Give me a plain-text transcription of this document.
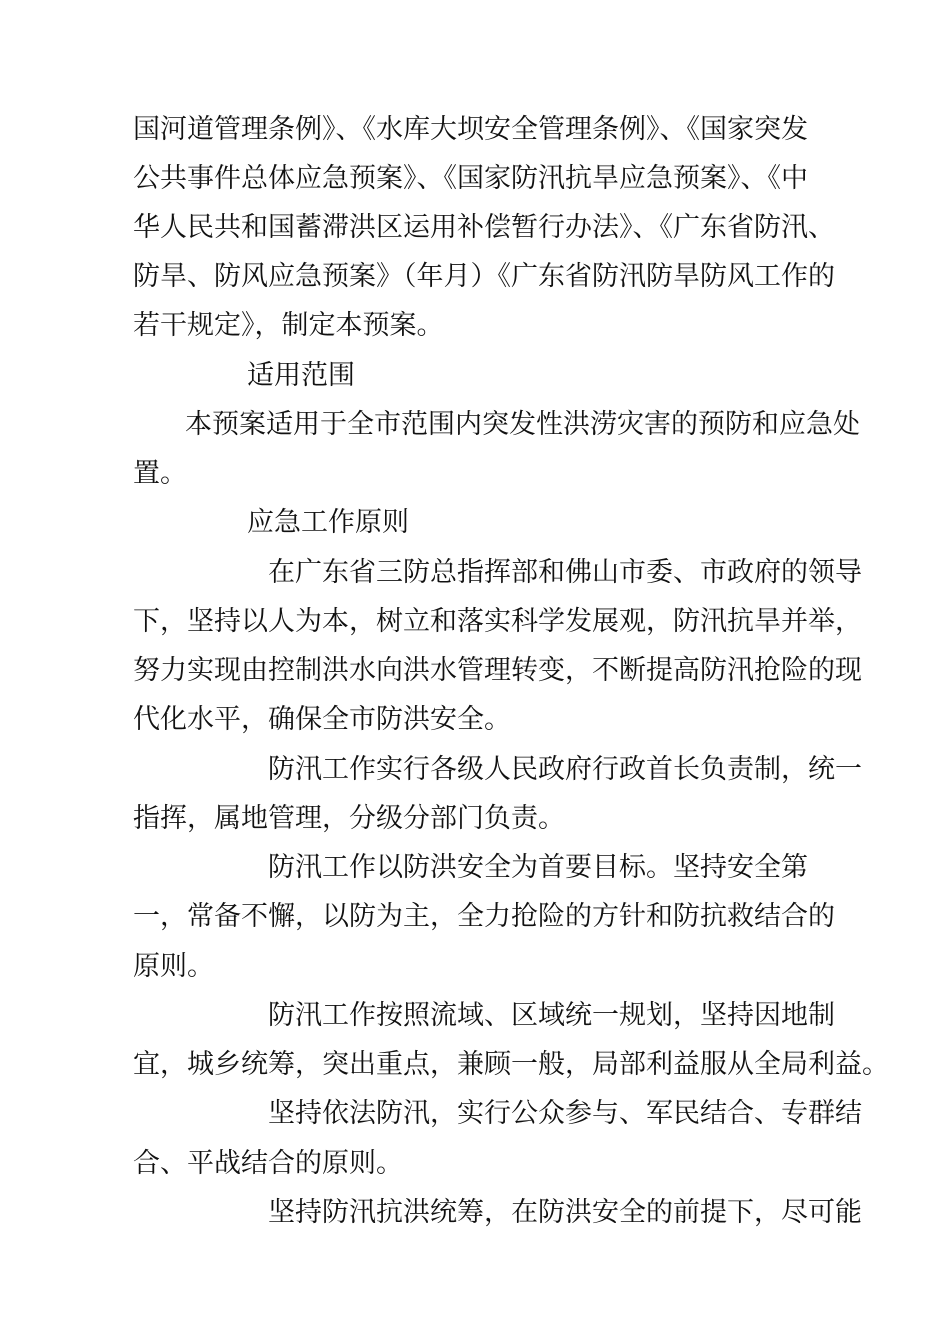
国河道管理条例》、《水库大坝安全管理条例》、《国家突发
公共事件总体应急预案》、《国家防汛抗旱应急预案》、《中
华人民共和国蓄滞洪区运用补偿暂行办法》、《广东省防汛、
防旱、防风应急预案》（年月）《广东省防汛防旱防风工作的
若干规定》，制定本预案。
适用范围
本预案适用于全市范围内突发性洪涝灾害的预防和应急处
置。
应急工作原则
在广东省三防总指挥部和佛山市委、市政府的领导
下，坚持以人为本，树立和落实科学发展观，防汛抗旱并举，
努力实现由控制洪水向洪水管理转变，不断提高防汛抢险的现
代化水平，确保全市防洪安全。
防汛工作实行各级人民政府行政首长负责制，统一
指挥，属地管理，分级分部门负责。
防汛工作以防洪安全为首要目标。坚持安全第
一，常备不懈，以防为主，全力抢险的方针和防抗救结合的
原则。
防汛工作按照流域、区域统一规划，坚持因地制
宜，城乡统筹，突出重点，兼顾一般，局部利益服从全局利益。
坚持依法防汛，实行公众参与、军民结合、专群结
合、平战结合的原则。
坚持防汛抗洪统筹，在防洪安全的前提下，尽可能
